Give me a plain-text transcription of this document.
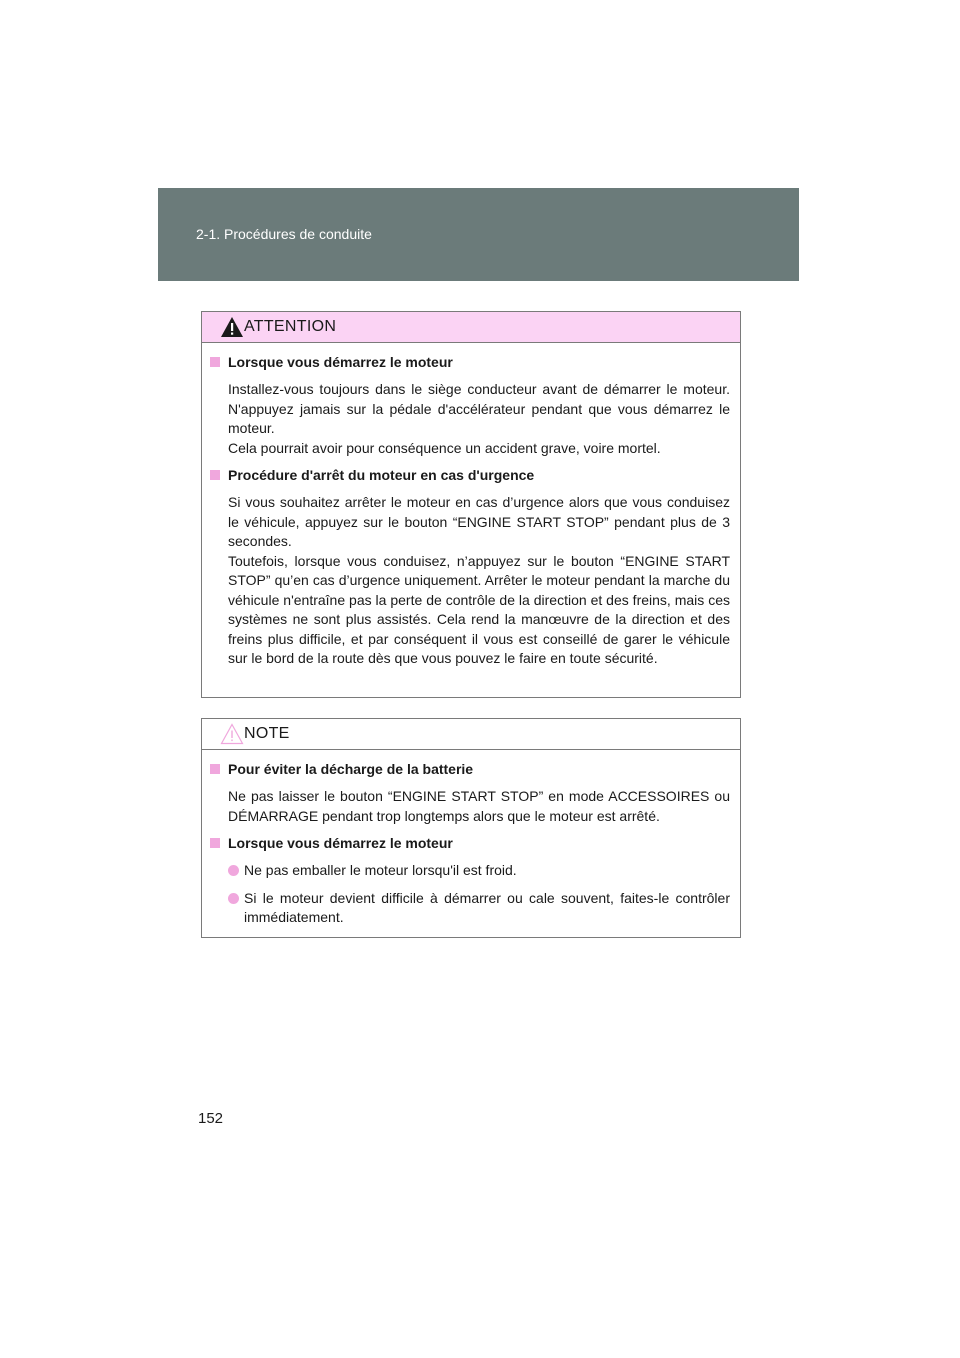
2-1. Procédures de conduite
ATTENTION
Lorsque vous démarrez le moteur

Installez-vous toujours dans le siège conducteur avant de démarrer le moteur. N'appuyez jamais sur la pédale d'accélérateur pendant que vous démarrez le moteur.

Cela pourrait avoir pour conséquence un accident grave, voire mortel.

Procédure d'arrêt du moteur en cas d'urgence

Si vous souhaitez arrêter le moteur en cas d’urgence alors que vous conduisez le véhicule, appuyez sur le bouton “ENGINE START STOP” pendant plus de 3 secondes.

Toutefois, lorsque vous conduisez, n’appuyez sur le bouton “ENGINE START STOP” qu’en cas d’urgence uniquement. Arrêter le moteur pendant la marche du véhicule n'entraîne pas la perte de contrôle de la direction et des freins, mais ces systèmes ne sont plus assistés. Cela rend la manœuvre de la direction et des freins plus difficile, et par conséquent il vous est conseillé de garer le véhicule sur le bord de la route dès que vous pouvez le faire en toute sécurité.

NOTE
Pour éviter la décharge de la batterie

Ne pas laisser le bouton “ENGINE START STOP” en mode ACCESSOIRES ou DÉMARRAGE pendant trop longtemps alors que le moteur est arrêté.

Lorsque vous démarrez le moteur
Ne pas emballer le moteur lorsqu'il est froid.
Si le moteur devient difficile à démarrer ou cale souvent, faites-le contrôler immédiatement.
152
